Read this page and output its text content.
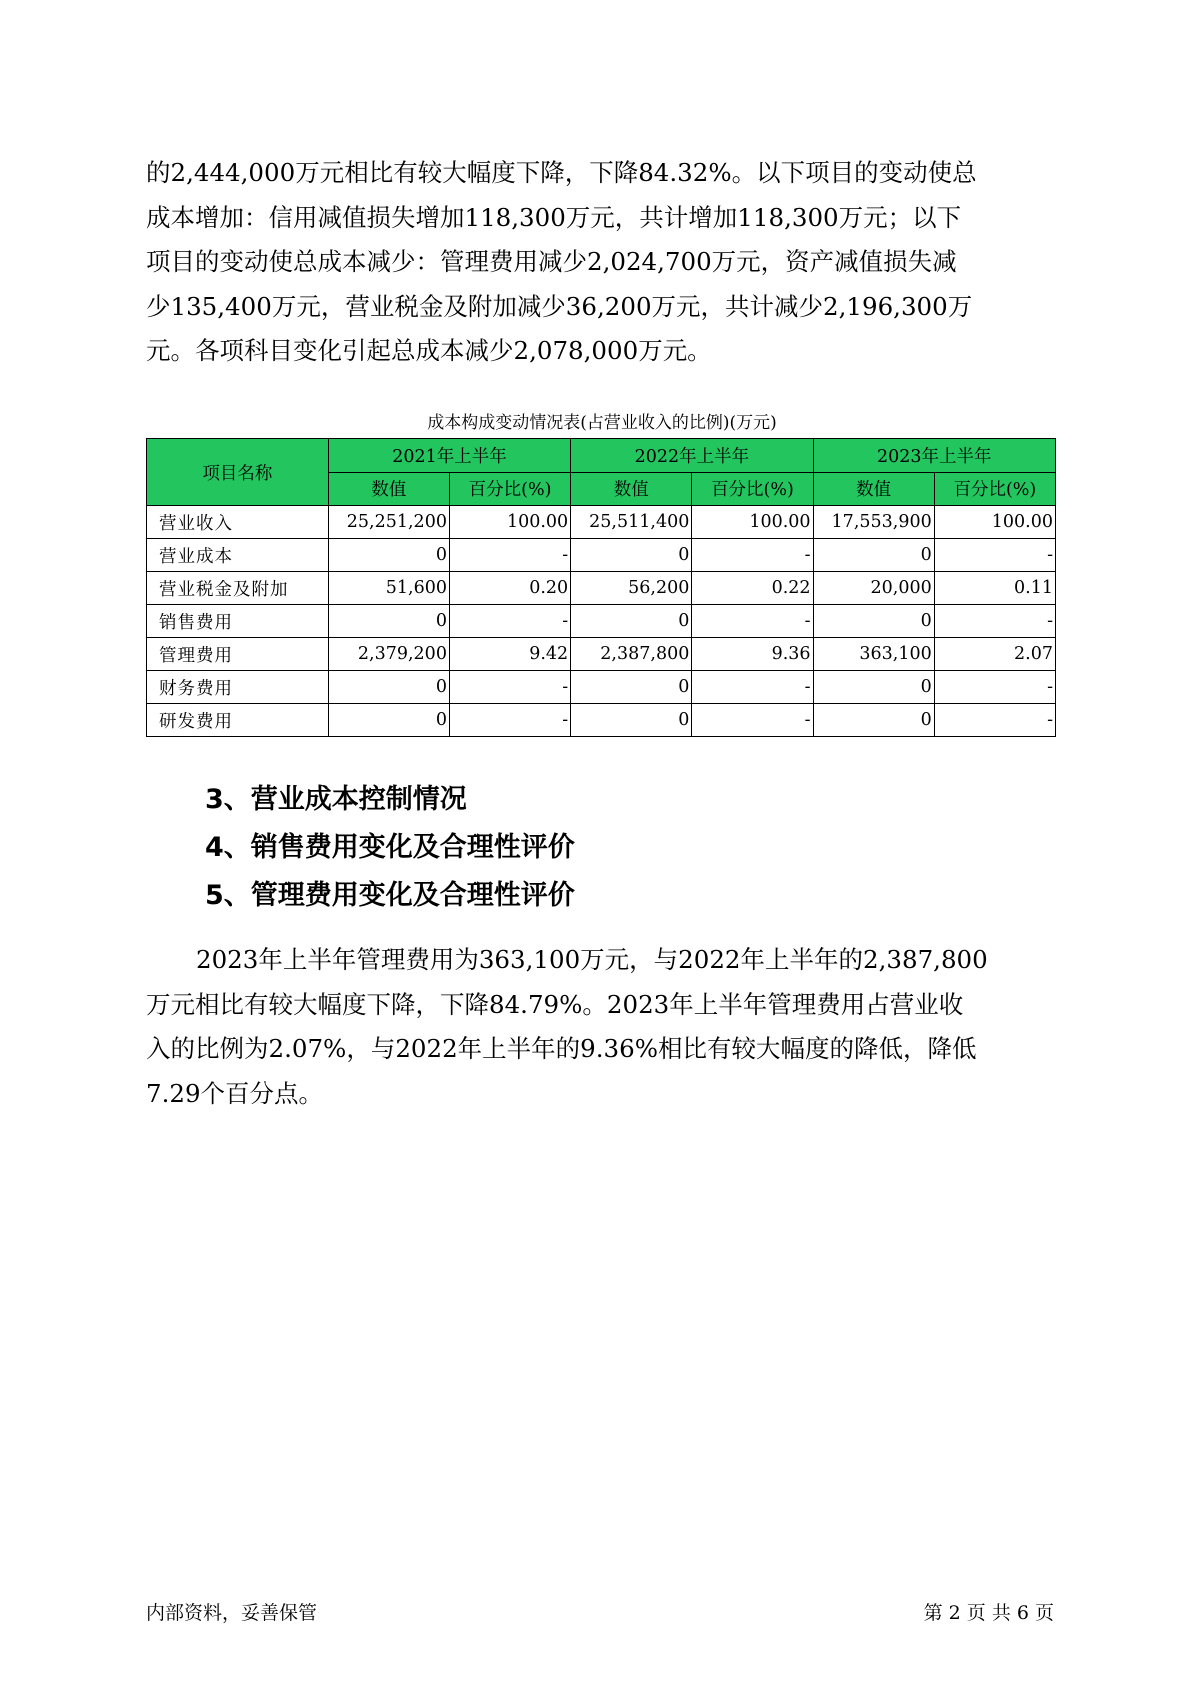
的2,444,000万元相比有较大幅度下降，下降84.32%。以下项目的变动使总
成本增加：信用减值损失增加118,300万元，共计增加118,300万元；以下
项目的变动使总成本减少：管理费用减少2,024,700万元，资产减值损失减
少135,400万元，营业税金及附加减少36,200万元，共计减少2,196,300万
元。各项科目变化引起总成本减少2,078,000万元。

成本构成变动情况表(占营业收入的比例)(万元)
项目名称	2021年上半年		2022年上半年		2023年上半年	
	数值	百分比(%)	数值	百分比(%)	数值	百分比(%)
营业收入	25,251,200	100.00	25,511,400	100.00	17,553,900	100.00
营业成本	0	-	0	-	0	-
营业税金及附加	51,600	0.20	56,200	0.22	20,000	0.11
销售费用	0	-	0	-	0	-
管理费用	2,379,200	9.42	2,387,800	9.36	363,100	2.07
财务费用	0	-	0	-	0	-
研发费用	0	-	0	-	0	-
3、营业成本控制情况
4、销售费用变化及合理性评价
5、管理费用变化及合理性评价

2023年上半年管理费用为363,100万元，与2022年上半年的2,387,800
万元相比有较大幅度下降，下降84.79%。2023年上半年管理费用占营业收
入的比例为2.07%，与2022年上半年的9.36%相比有较大幅度的降低，降低
7.29个百分点。

内部资料，妥善保管	第 2 页 共 6 页
